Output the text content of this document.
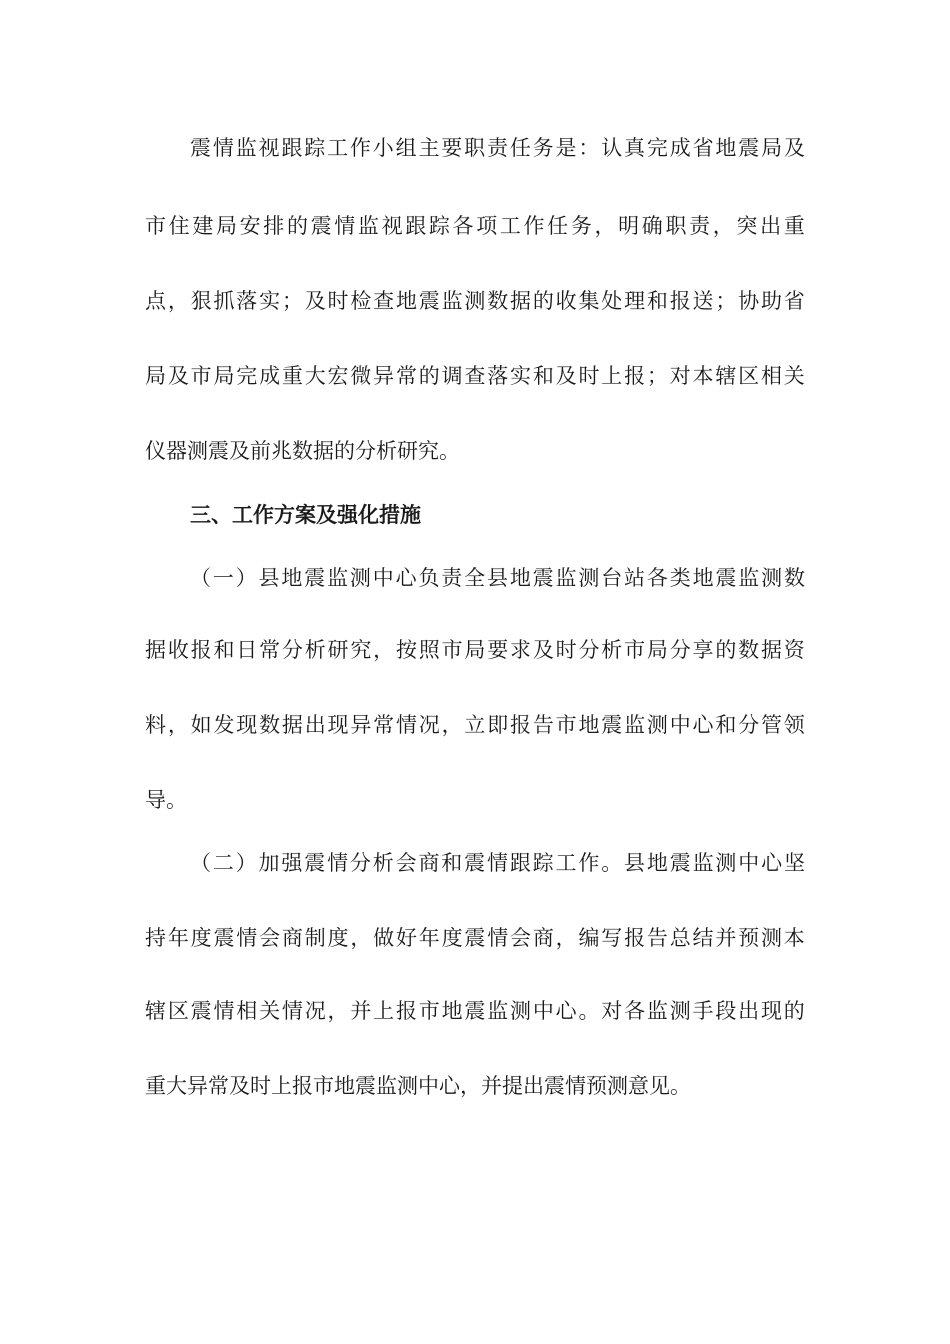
震 情 监 视 跟 踪 工 作 小 组 主 要 职 责 任 务 是 ： 认 真 完 成 省 地 震 局 及
市 住 建 局 安 排 的 震 情 监 视 跟 踪 各 项 工 作 任 务 ， 明 确 职 责 ， 突 出 重
点 ， 狠 抓 落 实 ； 及 时 检 查 地 震 监 测 数 据 的 收 集 处 理 和 报 送 ； 协 助 省
局 及 市 局 完 成 重 大 宏 微 异 常 的 调 查 落 实 和 及 时 上 报 ； 对 本 辖 区 相 关
仪器测震及前兆数据的分析研究。
三、工作方案及强化措施
（ 一 ） 县 地 震 监 测 中 心 负 责 全 县 地 震 监 测 台 站 各 类 地 震 监 测 数
据 收 报 和 日 常 分 析 研 究 ， 按 照 市 局 要 求 及 时 分 析 市 局 分 享 的 数 据 资
料 ， 如 发 现 数 据 出 现 异 常 情 况 ， 立 即 报 告 市 地 震 监 测 中 心 和 分 管 领
导。
（ 二 ） 加 强 震 情 分 析 会 商 和 震 情 跟 踪 工 作 。 县 地 震 监 测 中 心 坚
持 年 度 震 情 会 商 制 度 ， 做 好 年 度 震 情 会 商 ， 编 写 报 告 总 结 并 预 测 本
辖 区 震 情 相 关 情 况 ， 并 上 报 市 地 震 监 测 中 心 。 对 各 监 测 手 段 出 现 的
重大异常及时上报市地震监测中心，并提出震情预测意见。
